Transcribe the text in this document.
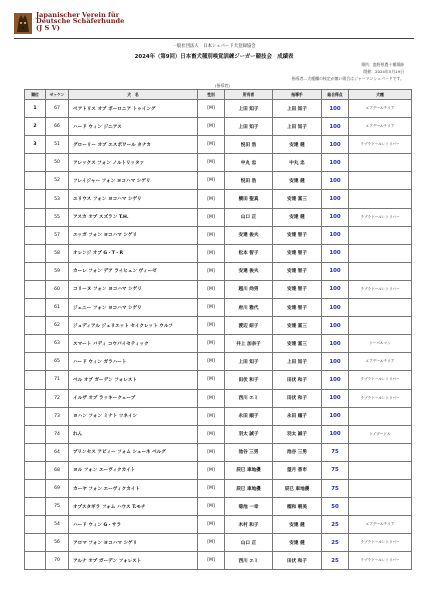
Japanischer Verein für
Deutsche Schäferhunde
(J S V)
一般社団法人　日本シェパード犬登録協会
2024年（第9回）日本畜犬種別嗅覚訓練ジーガー競技会　成績表
場所：鹿野県農十種場跡
開催：2024年5月19日
指導者…犬種欄の検定が無い場合はジャーマンシェパードです。
(指導者)
順位	ゼッケン	犬　名	性別	所有者	指導手	総合得点	犬種
1	67	ベアトリス オブ ボーロニア トゥイング	[M]	上田 知子	上田 知子	100	エアデールテリア
2	66	ハード ウィン ジニアス	[M]	上田 知子	上田 知子	100	エアデールテリア
3	51	グローリー オブ エスポワール タナカ	[M]	悦田 浩	安達 健	100	ラブラドールレトリバー
	50	アレックス フォン ノルトリッタァ	[M]	中丸 忠	中丸 忠	100	
	52	フレイジャー フォン ヨコハマ シゲリ	[M]	悦田 浩	安達 健	100	
	53	ユリウス フォン ヨコハマ シゲリ	[M]	横田 聖真	安達 富三	100	
	55	アスカ オブ スズラン T.H.	[M]	山口 正	安達 健	100	ラブラドールレトリバー
	57	エッガ フォン ヨコハマ シゲリ	[M]	安達 俊夫	安達 智子	100	
	58	オレンジ オブ G・T・R	[M]	松本 智子	安達 智子	100	
	59	カーレ フォン デア ライヒェン ヴィーゼ	[M]	安達 俊夫	安達 智子	100	
	60	コリーヌ フォン ヨコハマ シゲリ	[M]	越川 尚男	安達 智子	100	ラブラドールレトリバー
	61	ジェニー フォン ヨコハマ シゲリ	[M]	府川 雅代	安達 智子	100	
	62	ジュディアル ジュリエット セイクレット ウルフ	[M]	渡辺 紹子	安達 富三	100	
	63	スマート バディ コウバイセティック	[M]	井上 加奈子	安達 富三	100	ドーベルマン
	65	ハード ウィン ガラハート	[M]	上田 知子	上田 知子	100	エアデールテリア
	71	ベル オブ ガーデン フォレスト	[M]	田伏 和子	田伏 和子	100	ラブラドールレトリバー
	72	イルザ オブ ラッキークェーブ	[M]	西川 エミ	田伏 和子	100	ラブラドールレトリバー
	73	ヨハン フォン ミナト ツネイシ	[M]	永田 順子	永田 順子	100	
	74	れん	[M]	羽太 誠子	羽太 誠子	100	トイプードル
	64	プリンセス アビィー フォム シューネ ベルグ	[M]	池谷 三男	池谷 三男	75	
	68	ヨル フォン エーヴィクカイト	[M]	辰巳 車地優	望月 香市	75	
	69	カーヤ フォン エーヴィクカイト	[M]	辰巳 車地優	辰巳 車地優	75	
	75	オプスタギラ フォム ハウス T.モチ	[M]	菊池 一幸	榴和 朝美	50	
	54	ハード ウィン G・サラ	[M]	木村 和子	安達 健	25	エアデールテリア
	56	アロマ フォン ヨコハマ シゲリ	[M]	山口 正	安達 健	25	ラブラドールレトリバー
	70	アルナ オブ ガーデン フォレスト	[M]	西川 エミ	田伏 和子	25	ラブラドールレトリバー
